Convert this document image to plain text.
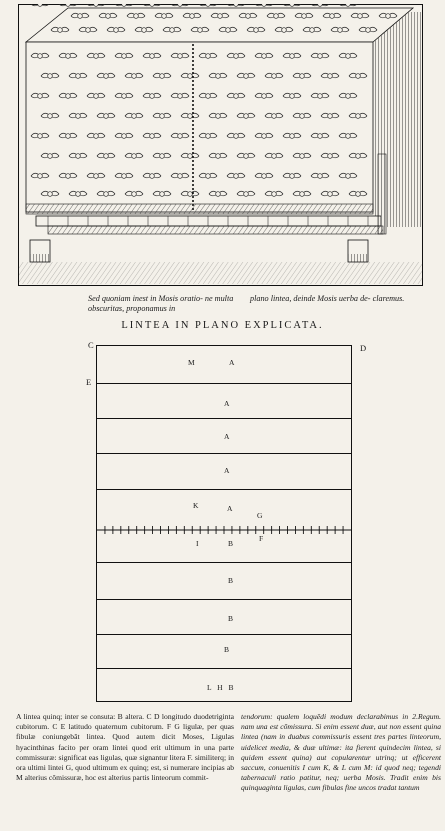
Sed quoniam inest in Mosis oratio- ne multa obscuritas, proponamus in
plano lintea, deinde Mosis uerba de- claremus.
LINTEA IN PLANO EXPLICATA.
C	D
E
M	A
A
A
A
K	A
G
I	B
F
B
B
B
L H B
A lintea quinq; inter se consuta: B altera. C D longitudo duodetriginta cubitorum. C E latitudo quaternum cubitorum. F G ligulæ, per quas fibulæ coniungebãt lintea. Quod autem dicit Moses, Ligulas hyacinthinas facito per oram lintei quod erit ultimum in una parte commissuræ: significat eas ligulas, quæ signantur litera F. similiterq; in ora ultimi lintei G, quod ultimum ex quinq; est, si numerare incipias ab M alterius cõmissuræ, hoc est alterius partis linteorum commit-
tendorum: qualem loquẽdi modum declarabimus in 2.Regum. nam una est cõmissura. Si enim essent duæ, aut non essent quina lintea (nam in duabus commissuris essent tres partes linteorum, uidelicet media, & duæ ultimæ: ita fierent quindecim lintea, si quidem essent quina) aut copularentur utrinq; ut efficerent saccum, conuenitis I cum K, & L cum M: id quod neq; tegendi tabernaculi ratio patitur, neq; uerba Mosis. Tradit enim bis quinquaginta ligulas, cum fibulas fine uncos tradat tantum
